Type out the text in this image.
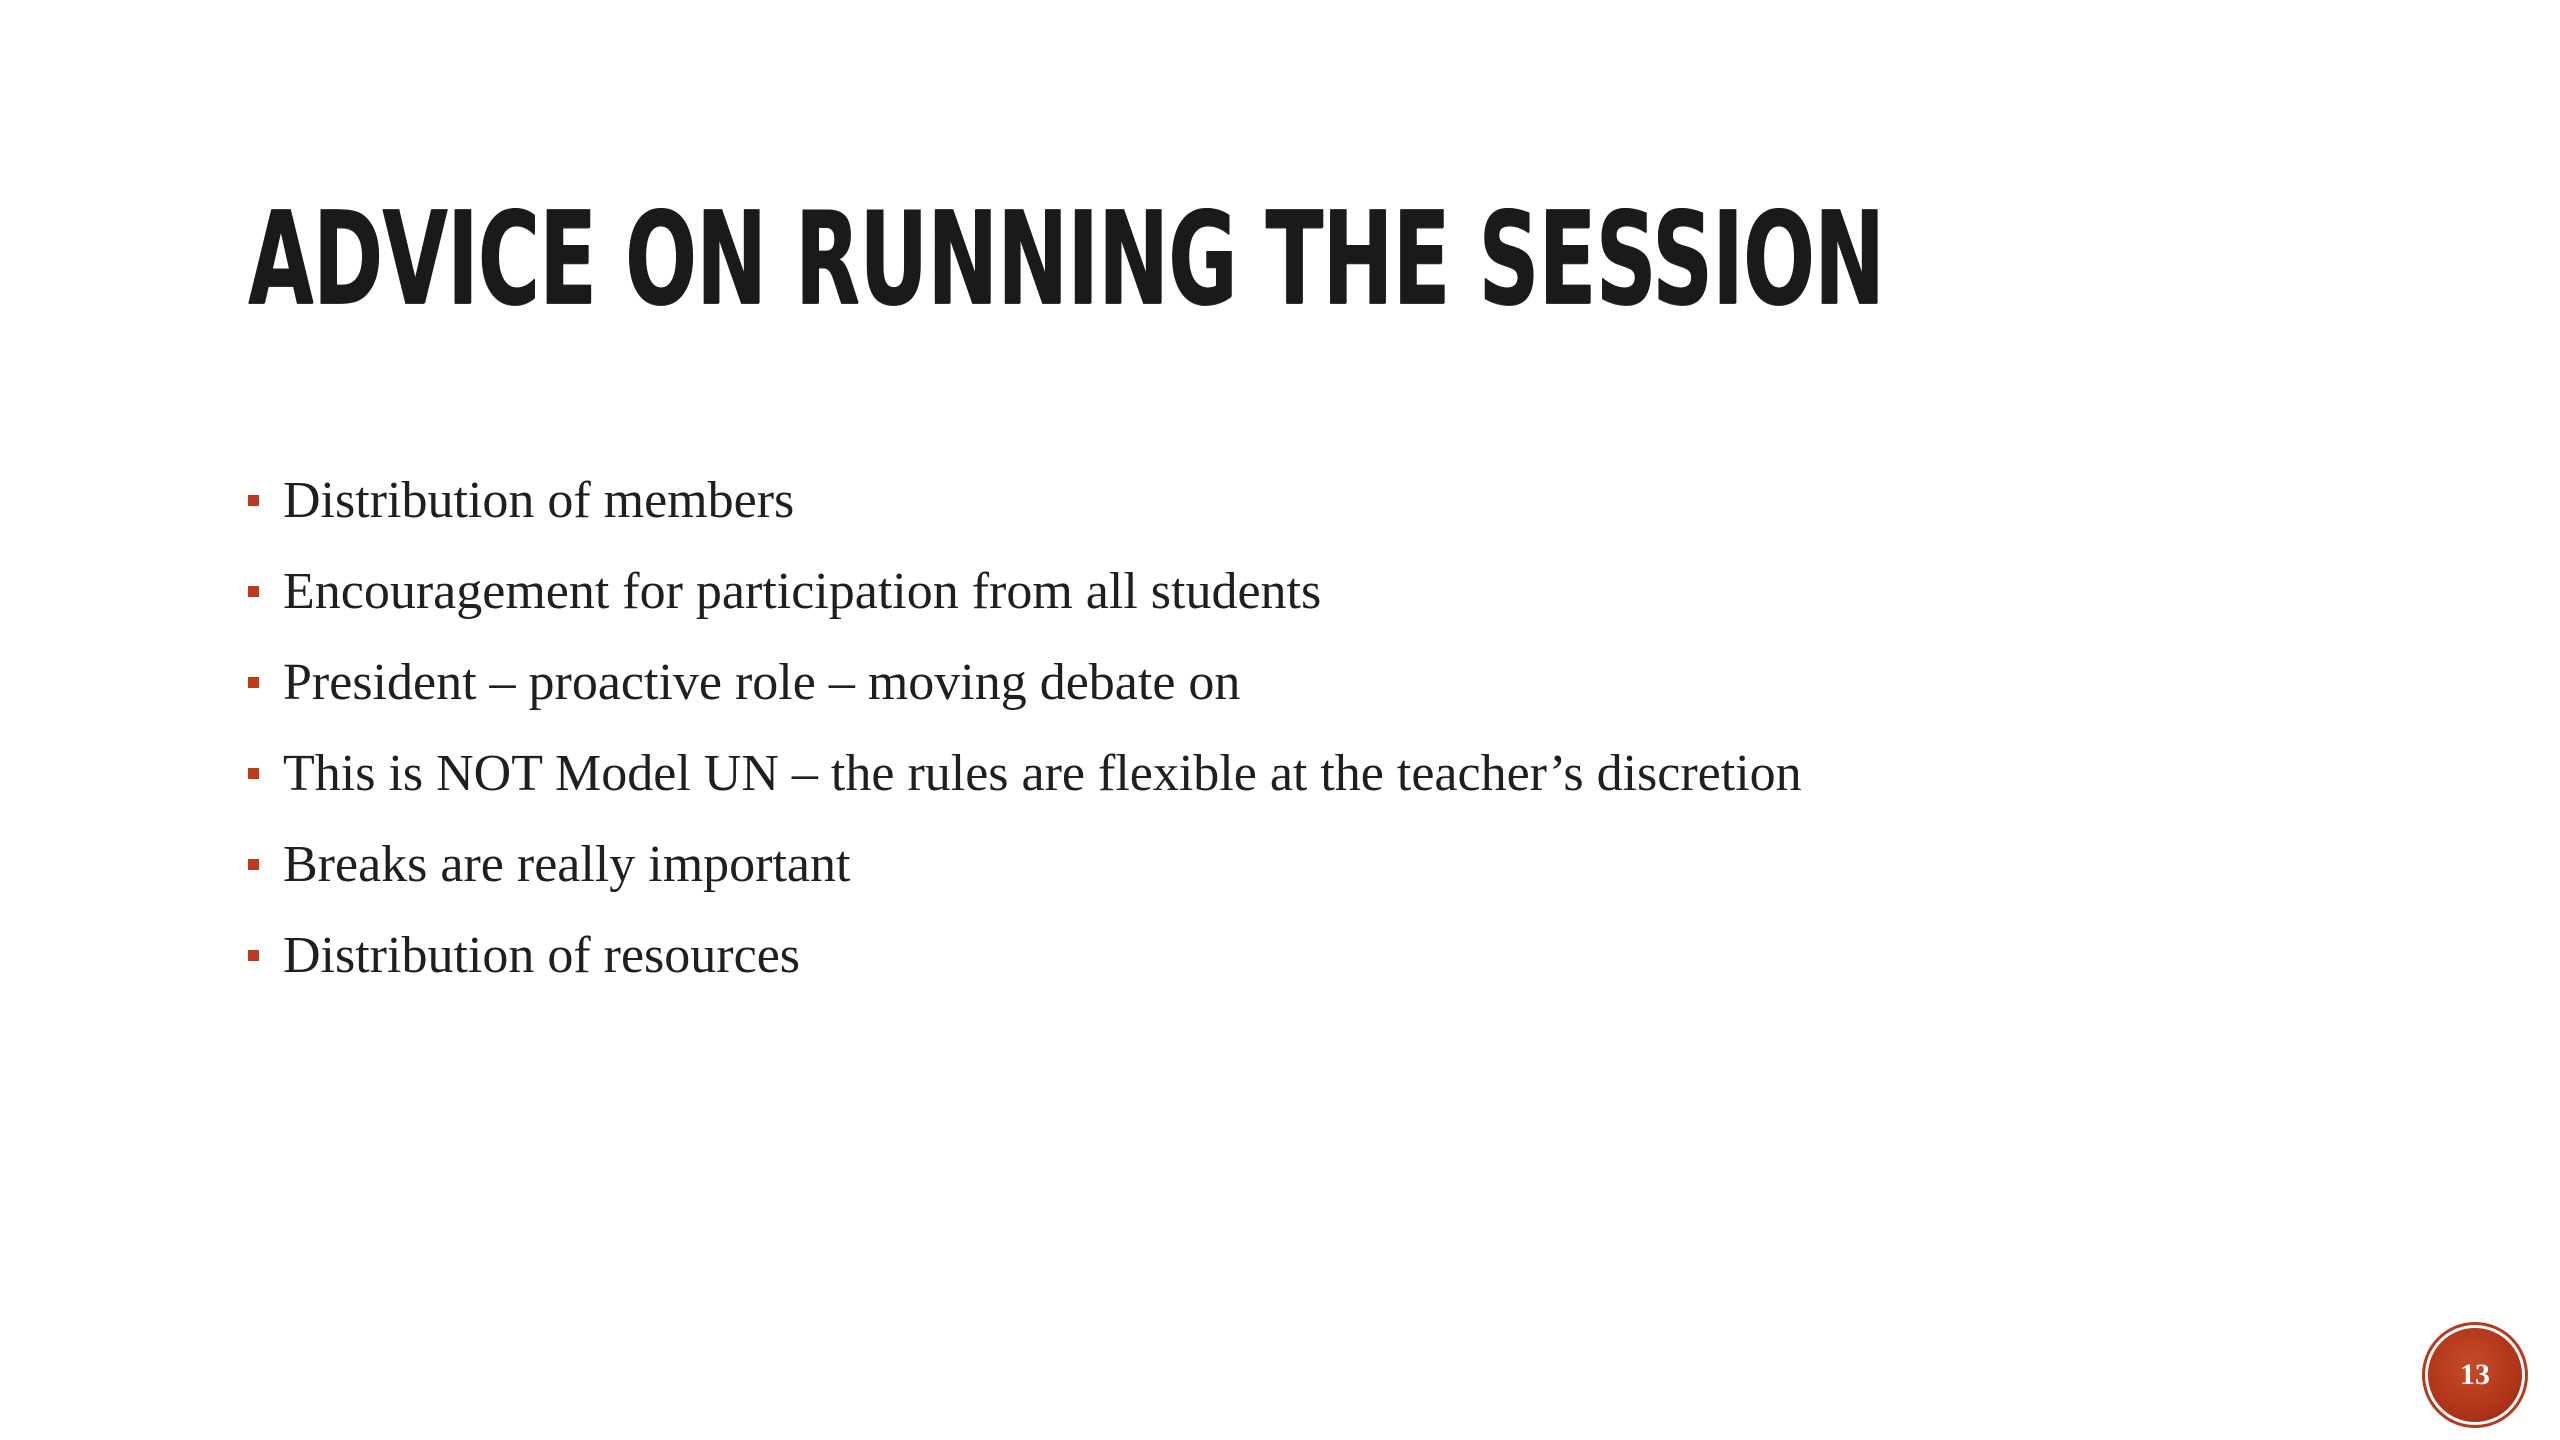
ADVICE ON RUNNING THE SESSION
Distribution of members
Encouragement for participation from all students
President – proactive role – moving debate on
This is NOT Model UN – the rules are flexible at the teacher’s discretion
Breaks are really important
Distribution of resources
13
